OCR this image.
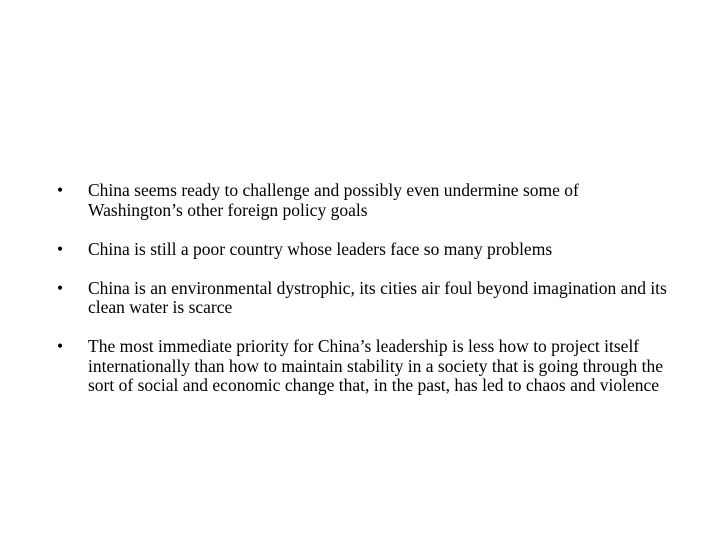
•	China seems ready to challenge and possibly even undermine some of Washington’s other foreign policy goals
•	China is still a poor country whose leaders face so many problems
•	China is an environmental dystrophic, its cities air foul beyond imagination and its clean water is scarce
•	The most immediate priority for China’s leadership is less how to project itself internationally than how to maintain stability in a society that is going through the sort of social and economic change that, in the past, has led to chaos and violence
